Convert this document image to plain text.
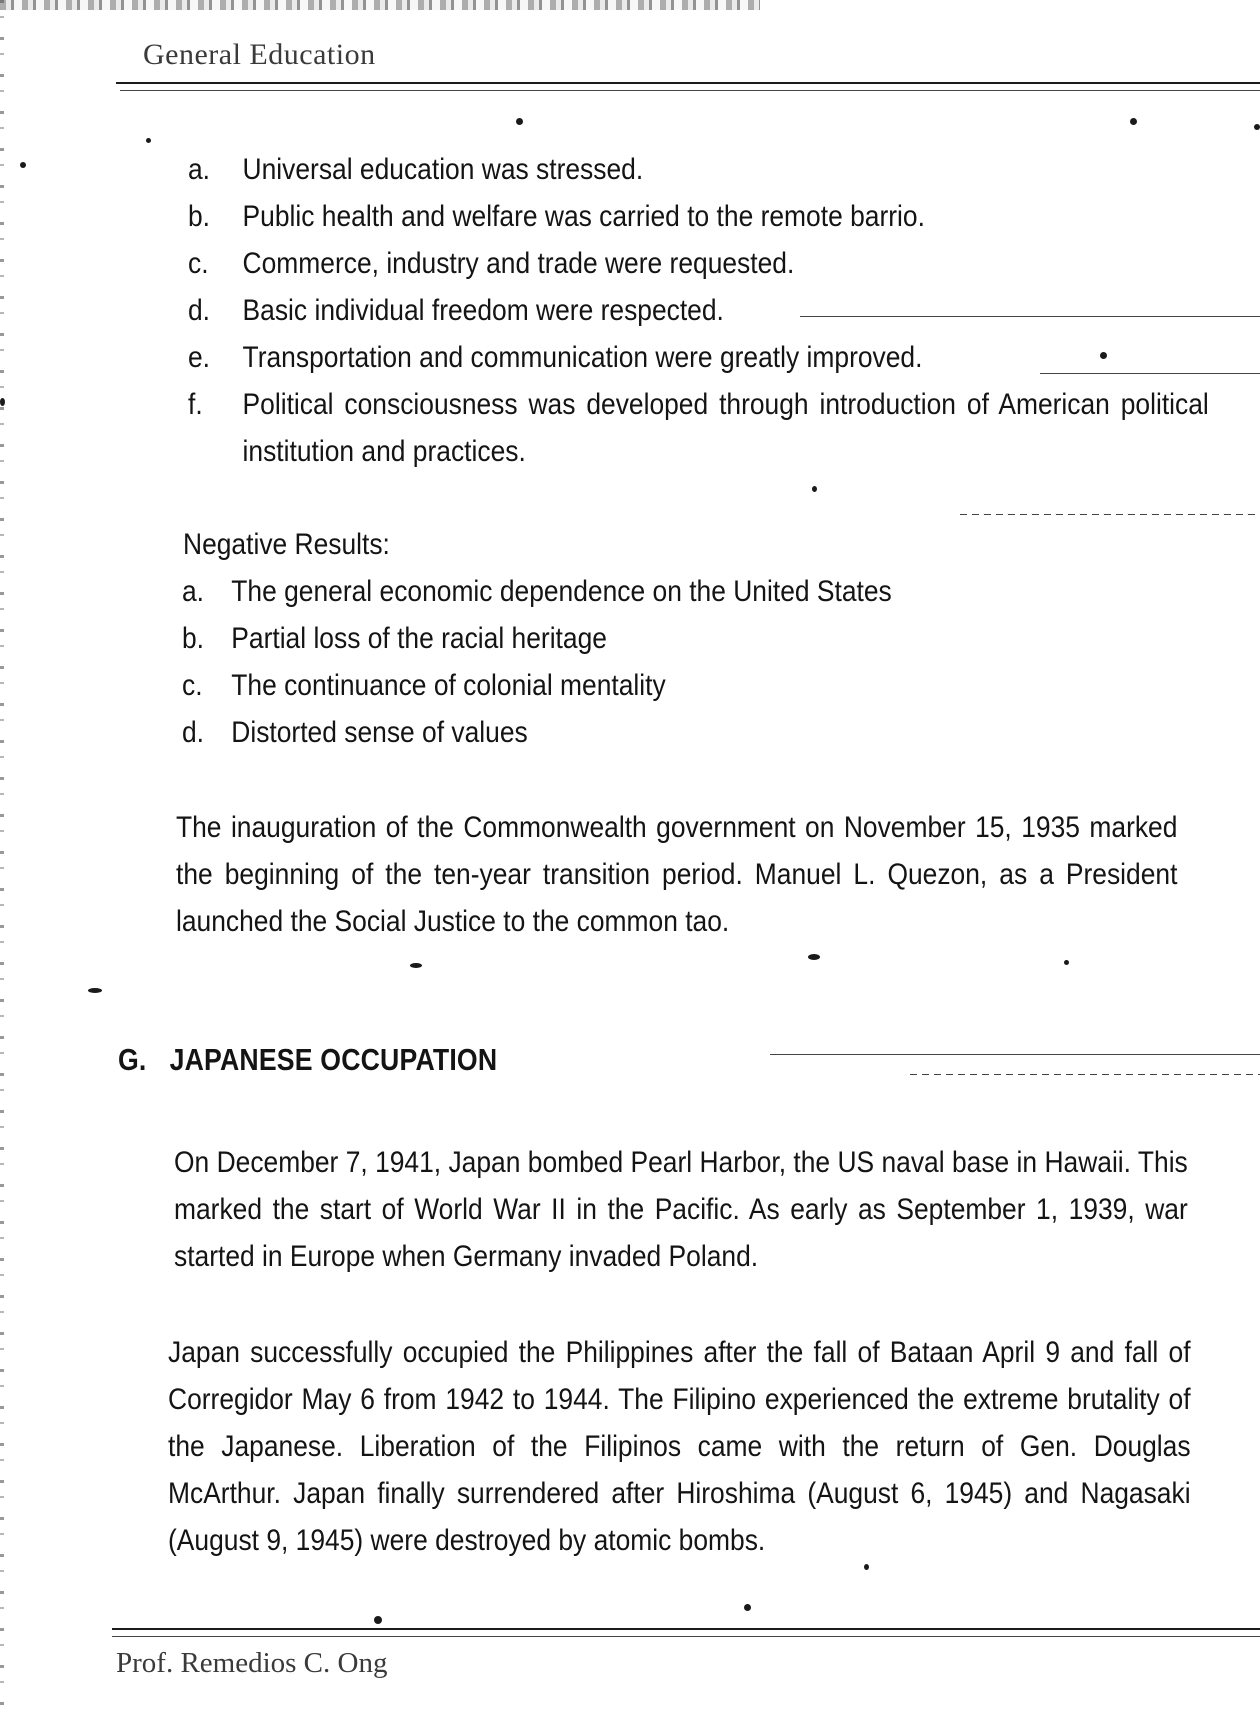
General Education
a. Universal education was stressed.
b. Public health and welfare was carried to the remote barrio.
c. Commerce, industry and trade were requested.
d. Basic individual freedom were respected.
e. Transportation and communication were greatly improved.
f. Political consciousness was developed through introduction of American political institution and practices.
Negative Results:
a. The general economic dependence on the United States
b. Partial loss of the racial heritage
c. The continuance of colonial mentality
d. Distorted sense of values

The inauguration of the Commonwealth government on November 15, 1935 marked the beginning of the ten-year transition period. Manuel L. Quezon, as a President launched the Social Justice to the common tao.

G. JAPANESE OCCUPATION

On December 7, 1941, Japan bombed Pearl Harbor, the US naval base in Hawaii. This marked the start of World War II in the Pacific. As early as September 1, 1939, war started in Europe when Germany invaded Poland.

Japan successfully occupied the Philippines after the fall of Bataan April 9 and fall of Corregidor May 6 from 1942 to 1944. The Filipino experienced the extreme brutality of the Japanese. Liberation of the Filipinos came with the return of Gen. Douglas McArthur. Japan finally surrendered after Hiroshima (August 6, 1945) and Nagasaki (August 9, 1945) were destroyed by atomic bombs.

Prof. Remedios C. Ong
